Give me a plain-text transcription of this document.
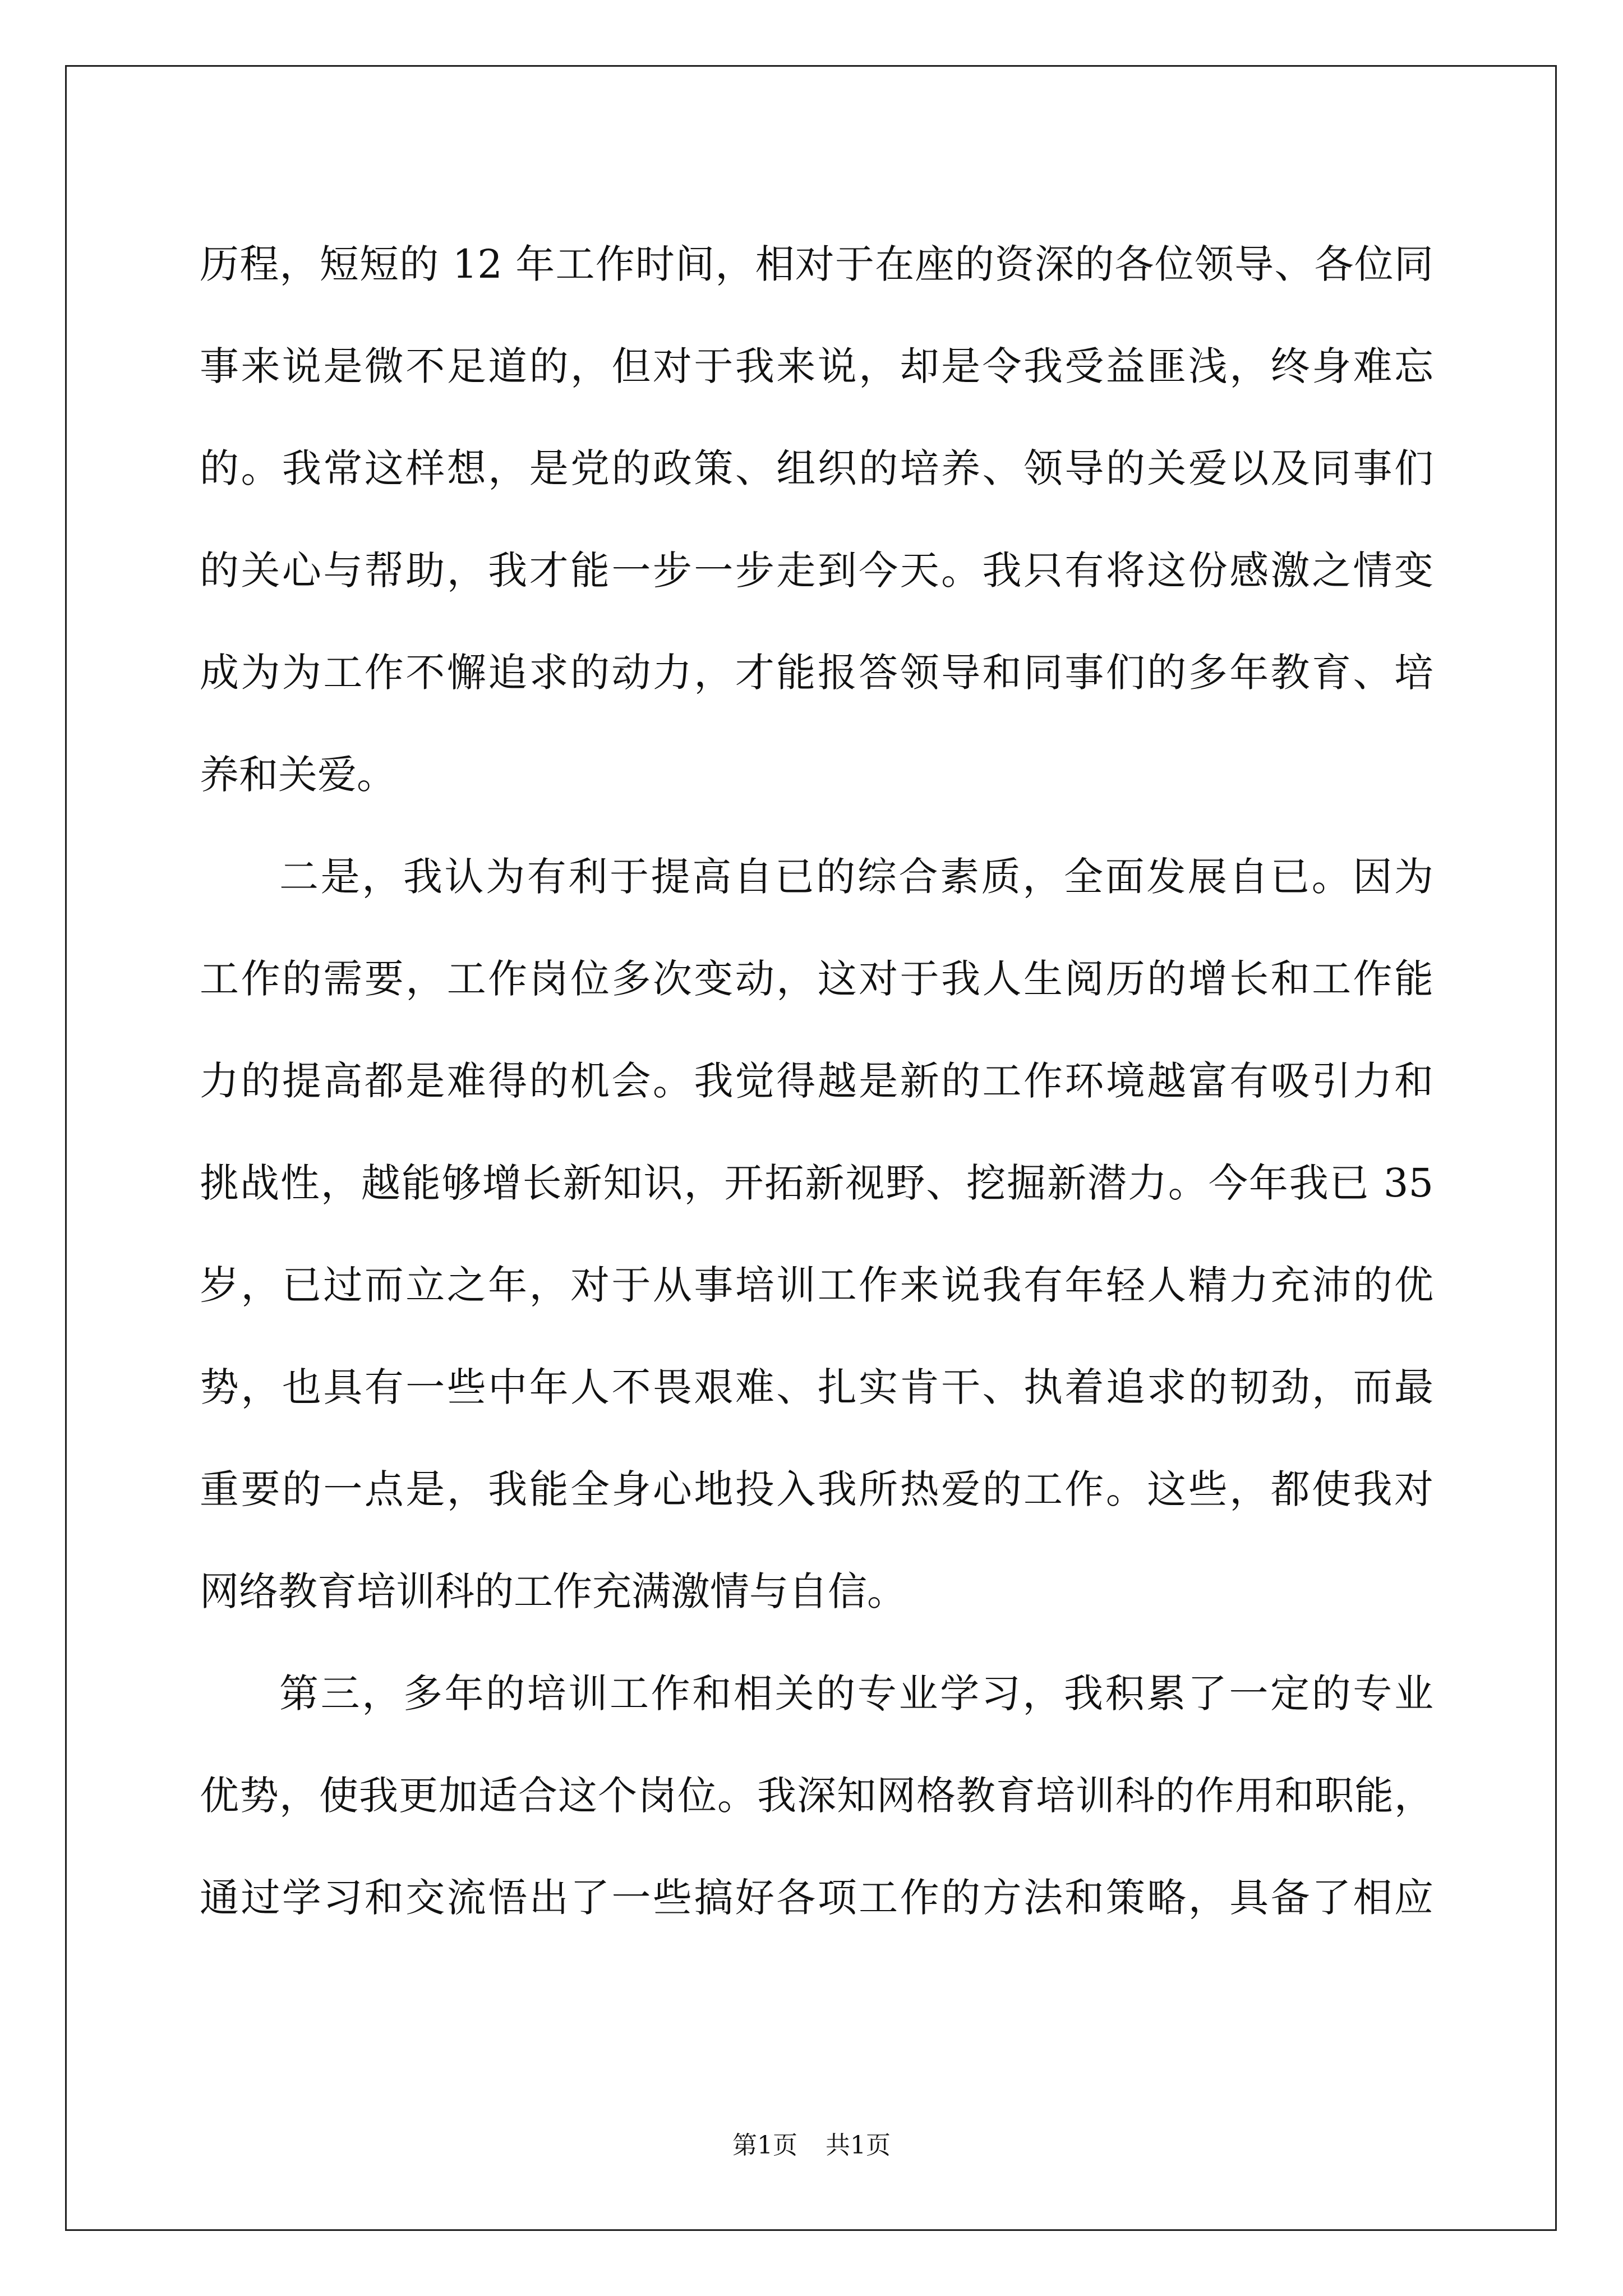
历程，短短的 12 年工作时间，相对于在座的资深的各位领导、各位同
事来说是微不足道的，但对于我来说，却是令我受益匪浅，终身难忘
的。我常这样想，是党的政策、组织的培养、领导的关爱以及同事们
的关心与帮助，我才能一步一步走到今天。我只有将这份感激之情变
成为为工作不懈追求的动力，才能报答领导和同事们的多年教育、培
养和关爱。
二是，我认为有利于提高自已的综合素质，全面发展自已。因为
工作的需要，工作岗位多次变动，这对于我人生阅历的增长和工作能
力的提高都是难得的机会。我觉得越是新的工作环境越富有吸引力和
挑战性，越能够增长新知识，开拓新视野、挖掘新潜力。今年我已 35
岁，已过而立之年，对于从事培训工作来说我有年轻人精力充沛的优
势，也具有一些中年人不畏艰难、扎实肯干、执着追求的韧劲，而最
重要的一点是，我能全身心地投入我所热爱的工作。这些，都使我对
网络教育培训科的工作充满激情与自信。
第三，多年的培训工作和相关的专业学习，我积累了一定的专业
优势，使我更加适合这个岗位。我深知网格教育培训科的作用和职能，
通过学习和交流悟出了一些搞好各项工作的方法和策略，具备了相应
第1页 共1页
